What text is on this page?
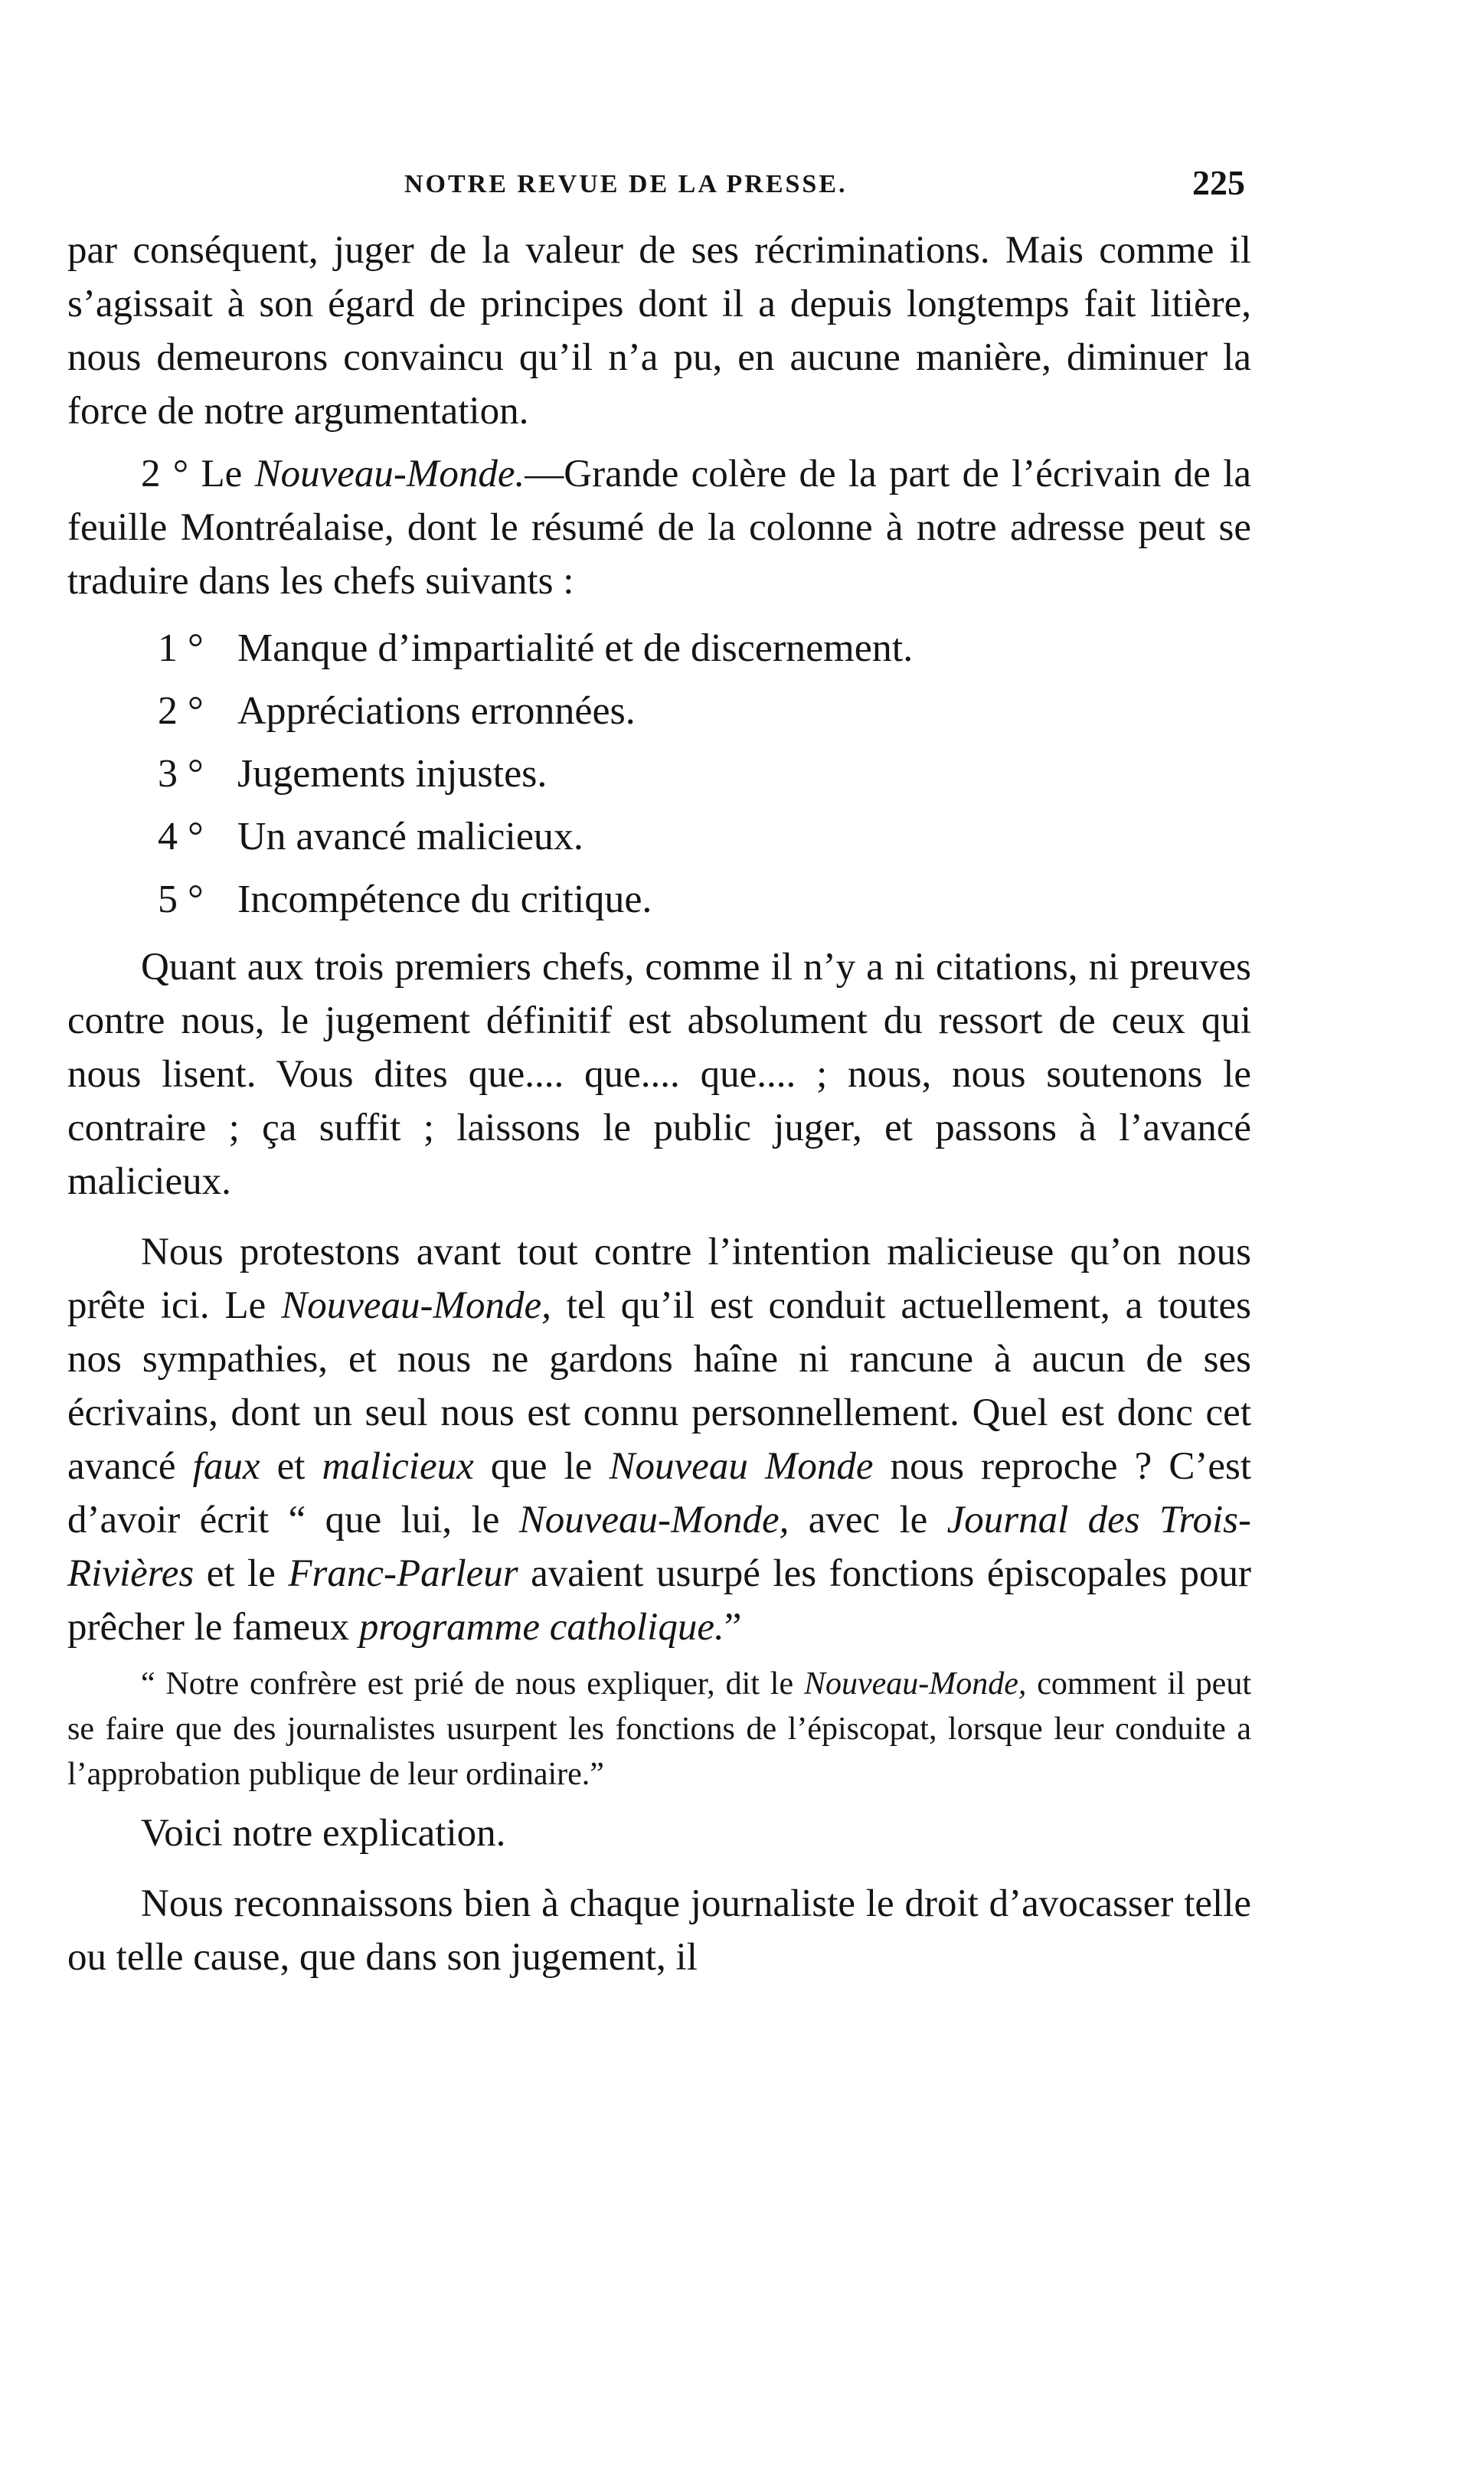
NOTRE REVUE DE LA PRESSE.	225

par conséquent, juger de la valeur de ses récriminations. Mais comme il s’agissait à son égard de principes dont il a depuis longtemps fait litière, nous demeurons convaincu qu’il n’a pu, en aucune manière, diminuer la force de notre argumentation.

2 ° Le Nouveau-Monde.—Grande colère de la part de l’écrivain de la feuille Montréalaise, dont le résumé de la colonne à notre adresse peut se traduire dans les chefs suivants :

1 ° Manque d’impartialité et de discernement.
2 ° Appréciations erronnées.
3 ° Jugements injustes.
4 ° Un avancé malicieux.
5 ° Incompétence du critique.

Quant aux trois premiers chefs, comme il n’y a ni citations, ni preuves contre nous, le jugement définitif est absolument du ressort de ceux qui nous lisent. Vous dites que.... que.... que.... ; nous, nous soutenons le contraire ; ça suffit ; laissons le public juger, et passons à l’avancé malicieux.

Nous protestons avant tout contre l’intention malicieuse qu’on nous prête ici. Le Nouveau-Monde, tel qu’il est conduit actuellement, a toutes nos sympathies, et nous ne gardons haîne ni rancune à aucun de ses écrivains, dont un seul nous est connu personnellement. Quel est donc cet avancé faux et malicieux que le Nouveau Monde nous reproche ? C’est d’avoir écrit “ que lui, le Nouveau-Monde, avec le Journal des Trois-Rivières et le Franc-Parleur avaient usurpé les fonctions épiscopales pour prêcher le fameux programme catholique.”

“ Notre confrère est prié de nous expliquer, dit le Nouveau-Monde, comment il peut se faire que des journalistes usurpent les fonctions de l’épiscopat, lorsque leur conduite a l’approbation publique de leur ordinaire.”

Voici notre explication.

Nous reconnaissons bien à chaque journaliste le droit d’avocasser telle ou telle cause, que dans son jugement, il
